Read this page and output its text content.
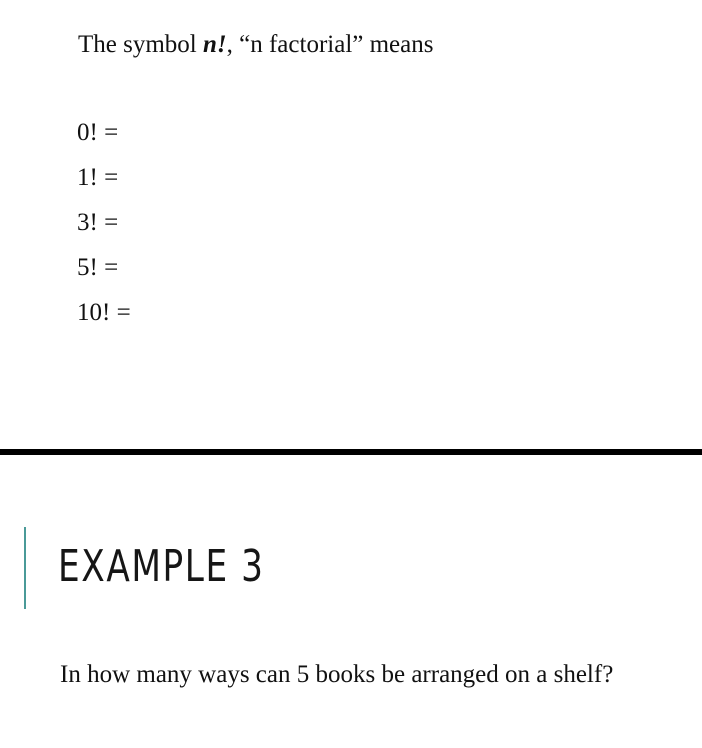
The symbol n!, “n factorial” means
0! =
1! =
3! =
5! =
10! =
EXAMPLE 3
In how many ways can 5 books be arranged on a shelf?
